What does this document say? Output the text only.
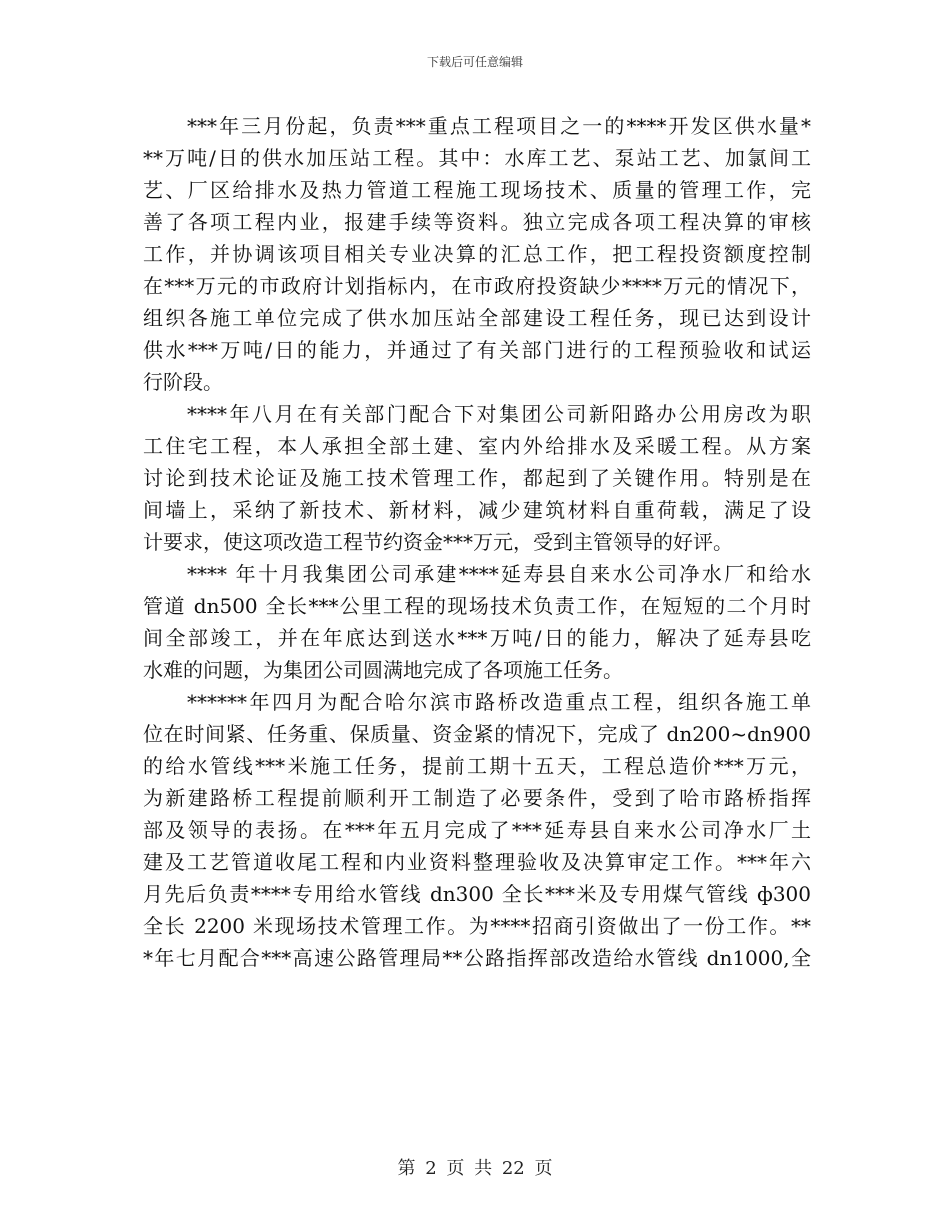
下载后可任意编辑

***年三月份起，负责***重点工程项目之一的****开发区供水量*

**万吨/日的供水加压站工程。其中：水库工艺、泵站工艺、加氯间工

艺、厂区给排水及热力管道工程施工现场技术、质量的管理工作，完

善了各项工程内业，报建手续等资料。独立完成各项工程决算的审核

工作，并协调该项目相关专业决算的汇总工作，把工程投资额度控制

在***万元的市政府计划指标内，在市政府投资缺少****万元的情况下，

组织各施工单位完成了供水加压站全部建设工程任务，现已达到设计

供水***万吨/日的能力，并通过了有关部门进行的工程预验收和试运

行阶段。

****年八月在有关部门配合下对集团公司新阳路办公用房改为职

工住宅工程，本人承担全部土建、室内外给排水及采暖工程。从方案

讨论到技术论证及施工技术管理工作，都起到了关键作用。特别是在

间墙上，采纳了新技术、新材料，减少建筑材料自重荷载，满足了设

计要求，使这项改造工程节约资金***万元，受到主管领导的好评。

**** 年十月我集团公司承建****延寿县自来水公司净水厂和给水

管道 dn500 全长***公里工程的现场技术负责工作，在短短的二个月时

间全部竣工，并在年底达到送水***万吨/日的能力，解决了延寿县吃

水难的问题，为集团公司圆满地完成了各项施工任务。

******年四月为配合哈尔滨市路桥改造重点工程，组织各施工单

位在时间紧、任务重、保质量、资金紧的情况下，完成了 dn200~dn900

的给水管线***米施工任务，提前工期十五天，工程总造价***万元，

为新建路桥工程提前顺利开工制造了必要条件，受到了哈市路桥指挥

部及领导的表扬。在***年五月完成了***延寿县自来水公司净水厂土

建及工艺管道收尾工程和内业资料整理验收及决算审定工作。***年六

月先后负责****专用给水管线 dn300 全长***米及专用煤气管线 ф300

全长 2200 米现场技术管理工作。为****招商引资做出了一份工作。**

*年七月配合***高速公路管理局**公路指挥部改造给水管线 dn1000,全

第 2 页 共 22 页
